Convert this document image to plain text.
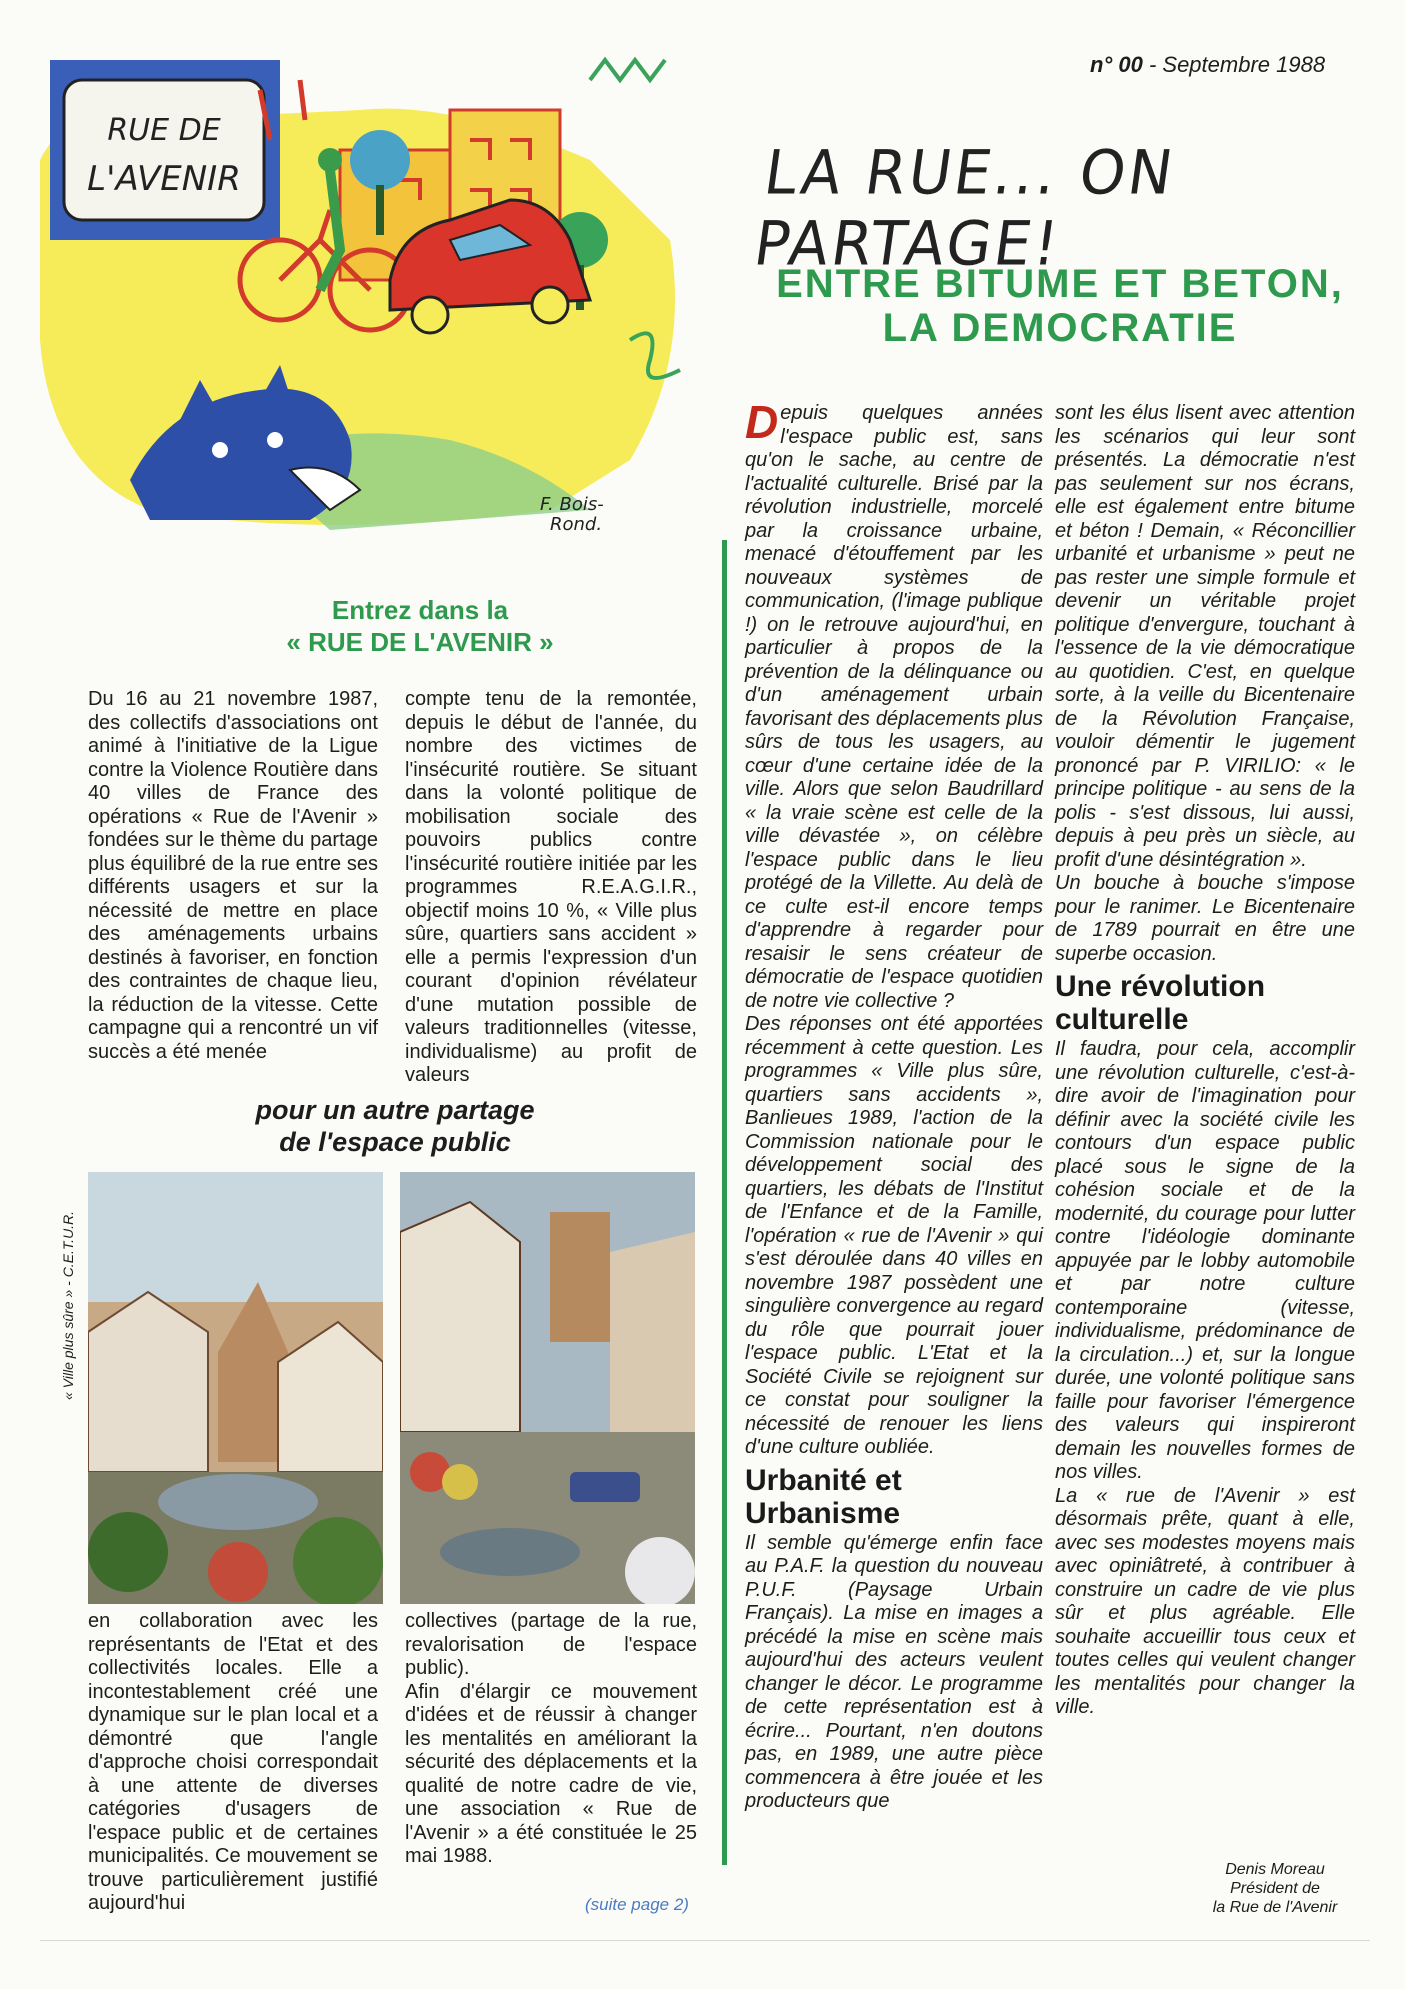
RUE DE
L'AVENIR
F. Bois-
Rond.
n° 00 - Septembre 1988
LA RUE... ON PARTAGE!
ENTRE BITUME ET BETON,
LA DEMOCRATIE
Entrez dans la
« RUE DE L'AVENIR »

Du 16 au 21 novembre 1987, des collectifs d'associations ont animé à l'initiative de la Ligue contre la Violence Routière dans 40 villes de France des opérations « Rue de l'Avenir » fondées sur le thème du partage plus équilibré de la rue entre ses différents usagers et sur la nécessité de mettre en place des aménagements urbains destinés à favoriser, en fonction des contraintes de chaque lieu, la réduction de la vitesse. Cette campagne qui a rencontré un vif succès a été menée

compte tenu de la remontée, depuis le début de l'année, du nombre des victimes de l'insécurité routière. Se situant dans la volonté politique de mobilisation sociale des pouvoirs publics contre l'insécurité routière initiée par les programmes R.E.A.G.I.R., objectif moins 10 %, « Ville plus sûre, quartiers sans accident » elle a permis l'expression d'un courant d'opinion révélateur d'une mutation possible de valeurs traditionnelles (vitesse, individualisme) au profit de valeurs

pour un autre partage
de l'espace public
« Ville plus sûre » - C.E.T.U.R.

en collaboration avec les représentants de l'Etat et des collectivités locales. Elle a incontestablement créé une dynamique sur le plan local et a démontré que l'angle d'approche choisi correspondait à une attente de diverses catégories d'usagers de l'espace public et de certaines municipalités. Ce mouvement se trouve particulièrement justifié aujourd'hui

collectives (partage de la rue, revalorisation de l'espace public).

Afin d'élargir ce mouvement d'idées et de réussir à changer les mentalités en améliorant la sécurité des déplacements et la qualité de notre cadre de vie, une association « Rue de l'Avenir » a été constituée le 25 mai 1988.

(suite page 2)

Depuis quelques années l'espace public est, sans qu'on le sache, au centre de l'actualité culturelle. Brisé par la révolution industrielle, morcelé par la croissance urbaine, menacé d'étouffement par les nouveaux systèmes de communication, (l'image publique !) on le retrouve aujourd'hui, en particulier à propos de la prévention de la délinquance ou d'un aménagement urbain favorisant des déplacements plus sûrs de tous les usagers, au cœur d'une certaine idée de la ville. Alors que selon Baudrillard « la vraie scène est celle de la ville dévastée », on célèbre l'espace public dans le lieu protégé de la Villette. Au delà de ce culte est-il encore temps d'apprendre à regarder pour resaisir le sens créateur de démocratie de l'espace quotidien de notre vie collective ?

Des réponses ont été apportées récemment à cette question. Les programmes « Ville plus sûre, quartiers sans accidents », Banlieues 1989, l'action de la Commission nationale pour le développement social des quartiers, les débats de l'Institut de l'Enfance et de la Famille, l'opération « rue de l'Avenir » qui s'est déroulée dans 40 villes en novembre 1987 possèdent une singulière convergence au regard du rôle que pourrait jouer l'espace public. L'Etat et la Société Civile se rejoignent sur ce constat pour souligner la nécessité de renouer les liens d'une culture oubliée.

Urbanité et Urbanisme

Il semble qu'émerge enfin face au P.A.F. la question du nouveau P.U.F. (Paysage Urbain Français). La mise en images a précédé la mise en scène mais aujourd'hui des acteurs veulent changer le décor. Le programme de cette représentation est à écrire... Pourtant, n'en doutons pas, en 1989, une autre pièce commencera à être jouée et les producteurs que

sont les élus lisent avec attention les scénarios qui leur sont présentés. La démocratie n'est pas seulement sur nos écrans, elle est également entre bitume et béton ! Demain, « Réconcillier urbanité et urbanisme » peut ne pas rester une simple formule et devenir un véritable projet politique d'envergure, touchant à l'essence de la vie démocratique au quotidien. C'est, en quelque sorte, à la veille du Bicentenaire de la Révolution Française, vouloir démentir le jugement prononcé par P. VIRILIO: « le principe politique - au sens de la polis - s'est dissous, lui aussi, depuis à peu près un siècle, au profit d'une désintégration ».

Un bouche à bouche s'impose pour le ranimer. Le Bicentenaire de 1789 pourrait en être une superbe occasion.

Une révolution culturelle

Il faudra, pour cela, accomplir une révolution culturelle, c'est-à-dire avoir de l'imagination pour définir avec la société civile les contours d'un espace public placé sous le signe de la cohésion sociale et de la modernité, du courage pour lutter contre l'idéologie dominante appuyée par le lobby automobile et par notre culture contemporaine (vitesse, individualisme, prédominance de la circulation...) et, sur la longue durée, une volonté politique sans faille pour favoriser l'émergence des valeurs qui inspireront demain les nouvelles formes de nos villes.

La « rue de l'Avenir » est désormais prête, quant à elle, avec ses modestes moyens mais avec opiniâtreté, à contribuer à construire un cadre de vie plus sûr et plus agréable. Elle souhaite accueillir tous ceux et toutes celles qui veulent changer les mentalités pour changer la ville.

Denis Moreau
Président de
la Rue de l'Avenir
